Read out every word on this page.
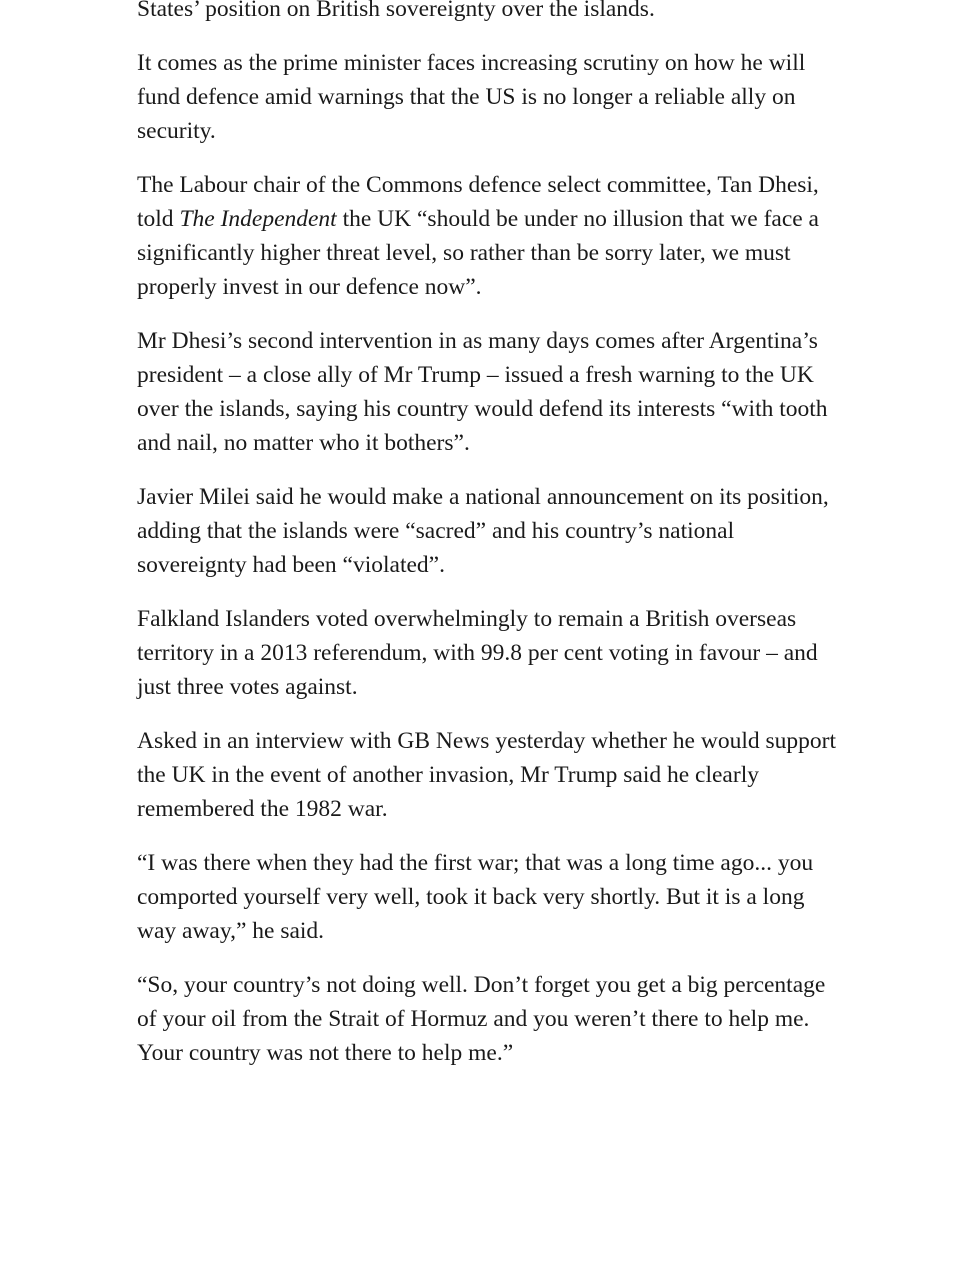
States’ position on British sovereignty over the islands.

It comes as the prime minister faces increasing scrutiny on how he will fund defence amid warnings that the US is no longer a reliable ally on security.

The Labour chair of the Commons defence select committee, Tan Dhesi, told The Independent the UK “should be under no illusion that we face a significantly higher threat level, so rather than be sorry later, we must properly invest in our defence now”.

Mr Dhesi’s second intervention in as many days comes after Argentina’s president – a close ally of Mr Trump – issued a fresh warning to the UK over the islands, saying his country would defend its interests “with tooth and nail, no matter who it bothers”.

Javier Milei said he would make a national announcement on its position, adding that the islands were “sacred” and his country’s national sovereignty had been “violated”.

Falkland Islanders voted overwhelmingly to remain a British overseas territory in a 2013 referendum, with 99.8 per cent voting in favour – and just three votes against.

Asked in an interview with GB News yesterday whether he would support the UK in the event of another invasion, Mr Trump said he clearly remembered the 1982 war.

“I was there when they had the first war; that was a long time ago... you comported yourself very well, took it back very shortly. But it is a long way away,” he said.

“So, your country’s not doing well. Don’t forget you get a big percentage of your oil from the Strait of Hormuz and you weren’t there to help me. Your country was not there to help me.”
